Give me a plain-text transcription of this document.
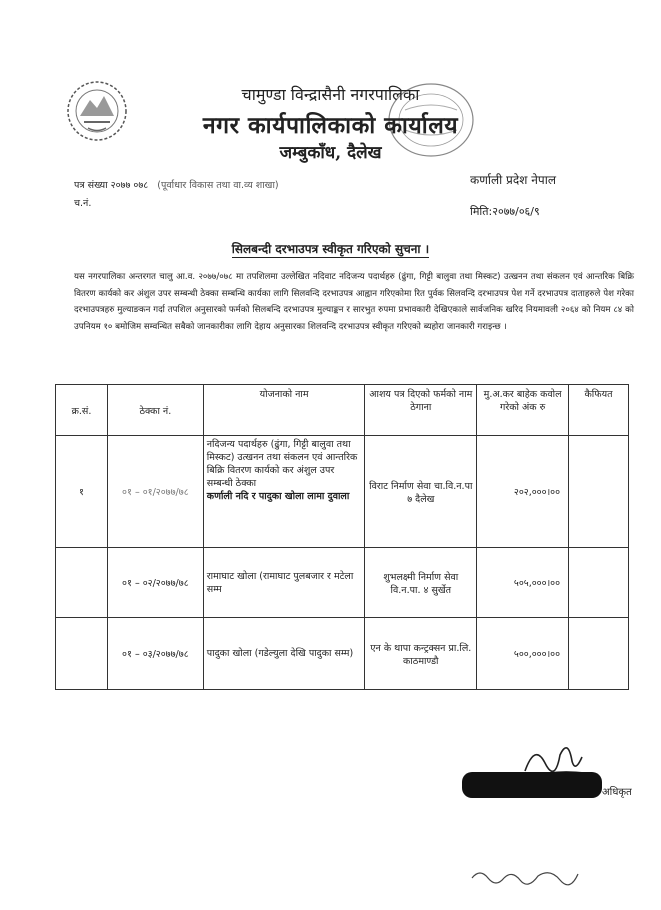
चामुण्डा विन्द्रासैनी नगरपालिका
नगर कार्यपालिकाको कार्यालय
जम्बुकाँध, दैलेख
पत्र संख्या २०७७ ०७८ (पूर्वाधार विकास तथा वा.व्य शाखा)
च.नं.
कर्णाली प्रदेश नेपाल
मिति:२०७७/०६/९
सिलबन्दी दरभाउपत्र स्वीकृत गरिएको सुचना ।
यस नगरपालिका अन्तरगत चालु आ.व. २०७७/०७८ मा तपशिलमा उल्लेखित नदिवाट नदिजन्य पदार्थहरु (ढुंगा, गिट्टी बालुवा तथा मिस्कट) उत्खनन तथा संकलन एवं आन्तरिक बिक्रि वितरण कार्यको कर अंशुल उपर सम्बन्धी ठेक्का सम्बन्धि कार्यका लागि सिलवन्दि दरभाउपत्र आह्वान गरिएकोमा रित पुर्वक सिलवन्दि दरभाउपत्र पेश गर्ने दरभाउपत्र दाताहरुले पेश गरेका दरभाउपत्रहरु मुल्याङकन गर्दा तपशिल अनुसारको फर्मको सिलबन्दि दरभाउपत्र मुल्याङ्कन र सारभुत रुपमा प्रभावकारी देखिएकाले सार्वजनिक खरिद नियमावली २०६४ को नियम ८४ को उपनियम १० बमोजिम सम्वन्धित सबैको जानकारीका लागि देहाय अनुसारका शिलवन्दि दरभाउपत्र स्वीकृत गरिएको ब्यहोरा जानकारी गराइन्छ ।
क्र.सं.	ठेक्का नं.	योजनाको नाम	आशय पत्र दिएको फर्मको नाम ठेगाना	मु.अ.कर बाहेक कवोल गरेको अंक रु	कैफियत
१	०१ – ०१/२०७७/७८	नदिजन्य पदार्थहरु (ढुंगा, गिट्टी बालुवा तथा मिस्कट) उत्खनन तथा संकलन एवं आन्तरिक बिक्रि वितरण कार्यको कर अंशुल उपर सम्बन्धी ठेक्का
कर्णाली नदि र पादुका खोला लामा दुवाला	विराट निर्माण सेवा चा.वि.न.पा ७ दैलेख	२०२,०००।००	
	०१ – ०२/२०७७/७८	रामाघाट खोला (रामाघाट पुलबजार र मटेला सम्म	शुभलक्ष्मी निर्माण सेवा वि.न.पा. ४ सुर्खेत	५०५,०००।००	
	०१ – ०३/२०७७/७८	पादुका खोला (गडेल्युला देखि पादुका सम्म)	एन के थापा कन्ट्रक्सन प्रा.लि. काठमाण्डौ	५००,०००।००	
अधिकृत
